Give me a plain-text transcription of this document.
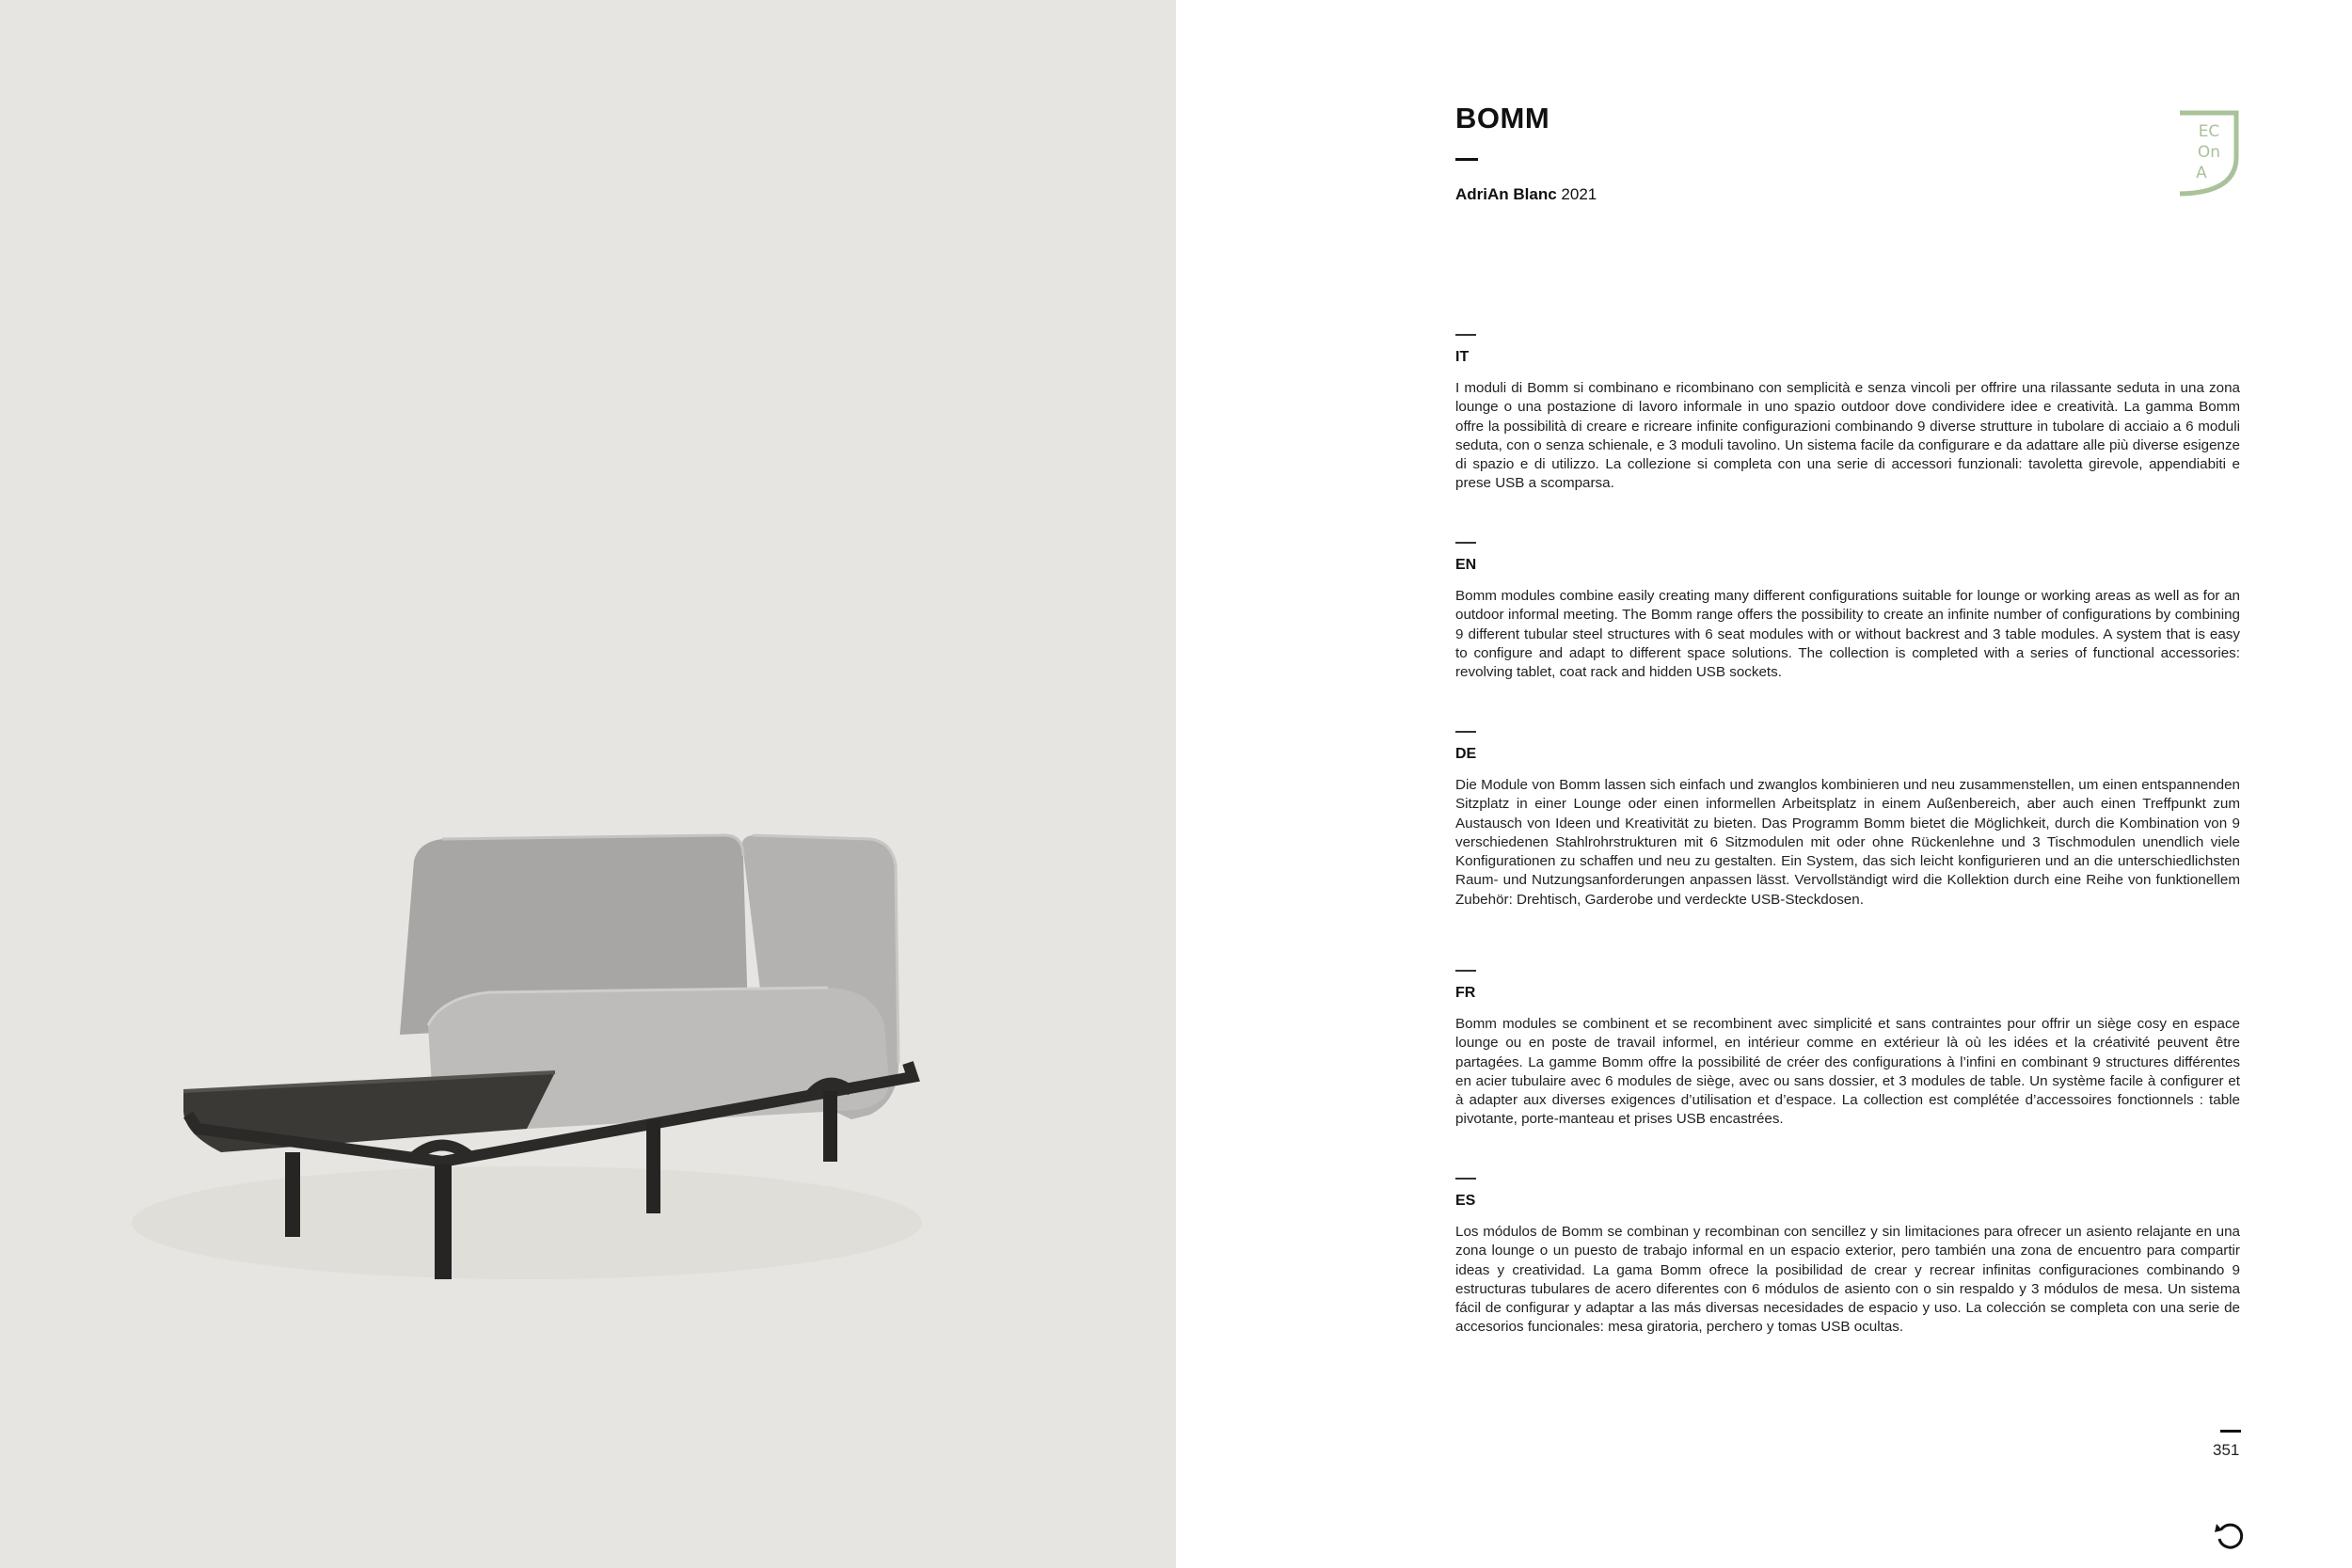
BOMM
AdriAn Blanc 2021
EC
On
A
IT
I moduli di Bomm si combinano e ricombinano con semplicità e senza vincoli per offrire una rilassante seduta in una zona lounge o una postazione di lavoro informale in uno spazio outdoor dove condividere idee e creatività. La gamma Bomm offre la possibilità di creare e ricreare infinite configurazioni combinando 9 diverse strutture in tubolare di acciaio a 6 moduli seduta, con o senza schienale, e 3 moduli tavolino. Un sistema facile da configurare e da adattare alle più diverse esigenze di spazio e di utilizzo. La collezione si completa con una serie di accessori funzionali: tavoletta girevole, appendiabiti e prese USB a scomparsa.
EN
Bomm modules combine easily creating many different configurations suitable for lounge or working areas as well as for an outdoor informal meeting. The Bomm range offers the possibility to create an infinite number of configurations by combining 9 different tubular steel structures with 6 seat modules with or without backrest and 3 table modules. A system that is easy to configure and adapt to different space solutions. The collection is completed with a series of functional accessories: revolving tablet, coat rack and hidden USB sockets.
DE
Die Module von Bomm lassen sich einfach und zwanglos kombinieren und neu zusammenstellen, um einen entspannenden Sitzplatz in einer Lounge oder einen informellen Arbeitsplatz in einem Außenbereich, aber auch einen Treffpunkt zum Austausch von Ideen und Kreativität zu bieten. Das Programm Bomm bietet die Möglichkeit, durch die Kombination von 9 verschiedenen Stahlrohrstrukturen mit 6 Sitzmodulen mit oder ohne Rückenlehne und 3 Tischmodulen unendlich viele Konfigurationen zu schaffen und neu zu gestalten. Ein System, das sich leicht konfigurieren und an die unterschiedlichsten Raum- und Nutzungsanforderungen anpassen lässt. Vervollständigt wird die Kollektion durch eine Reihe von funktionellem Zubehör: Drehtisch, Garderobe und verdeckte USB-Steckdosen.
FR
Bomm modules se combinent et se recombinent avec simplicité et sans contraintes pour offrir un siège cosy en espace lounge ou en poste de travail informel, en intérieur comme en extérieur là où les idées et la créativité peuvent être partagées. La gamme Bomm offre la possibilité de créer des configurations à l’infini en combinant 9 structures différentes en acier tubulaire avec 6 modules de siège, avec ou sans dossier, et 3 modules de table. Un système facile à configurer et à adapter aux diverses exigences d’utilisation et d’espace. La collection est complétée d’accessoires fonctionnels : table pivotante, porte-manteau et prises USB encastrées.
ES
Los módulos de Bomm se combinan y recombinan con sencillez y sin limitaciones para ofrecer un asiento relajante en una zona lounge o un puesto de trabajo informal en un espacio exterior, pero también una zona de encuentro para compartir ideas y creatividad. La gama Bomm ofrece la posibilidad de crear y recrear infinitas configuraciones combinando 9 estructuras tubulares de acero diferentes con 6 módulos de asiento con o sin respaldo y 3 módulos de mesa. Un sistema fácil de configurar y adaptar a las más diversas necesidades de espacio y uso. La colección se completa con una serie de accesorios funcionales: mesa giratoria, perchero y tomas USB ocultas.
351
